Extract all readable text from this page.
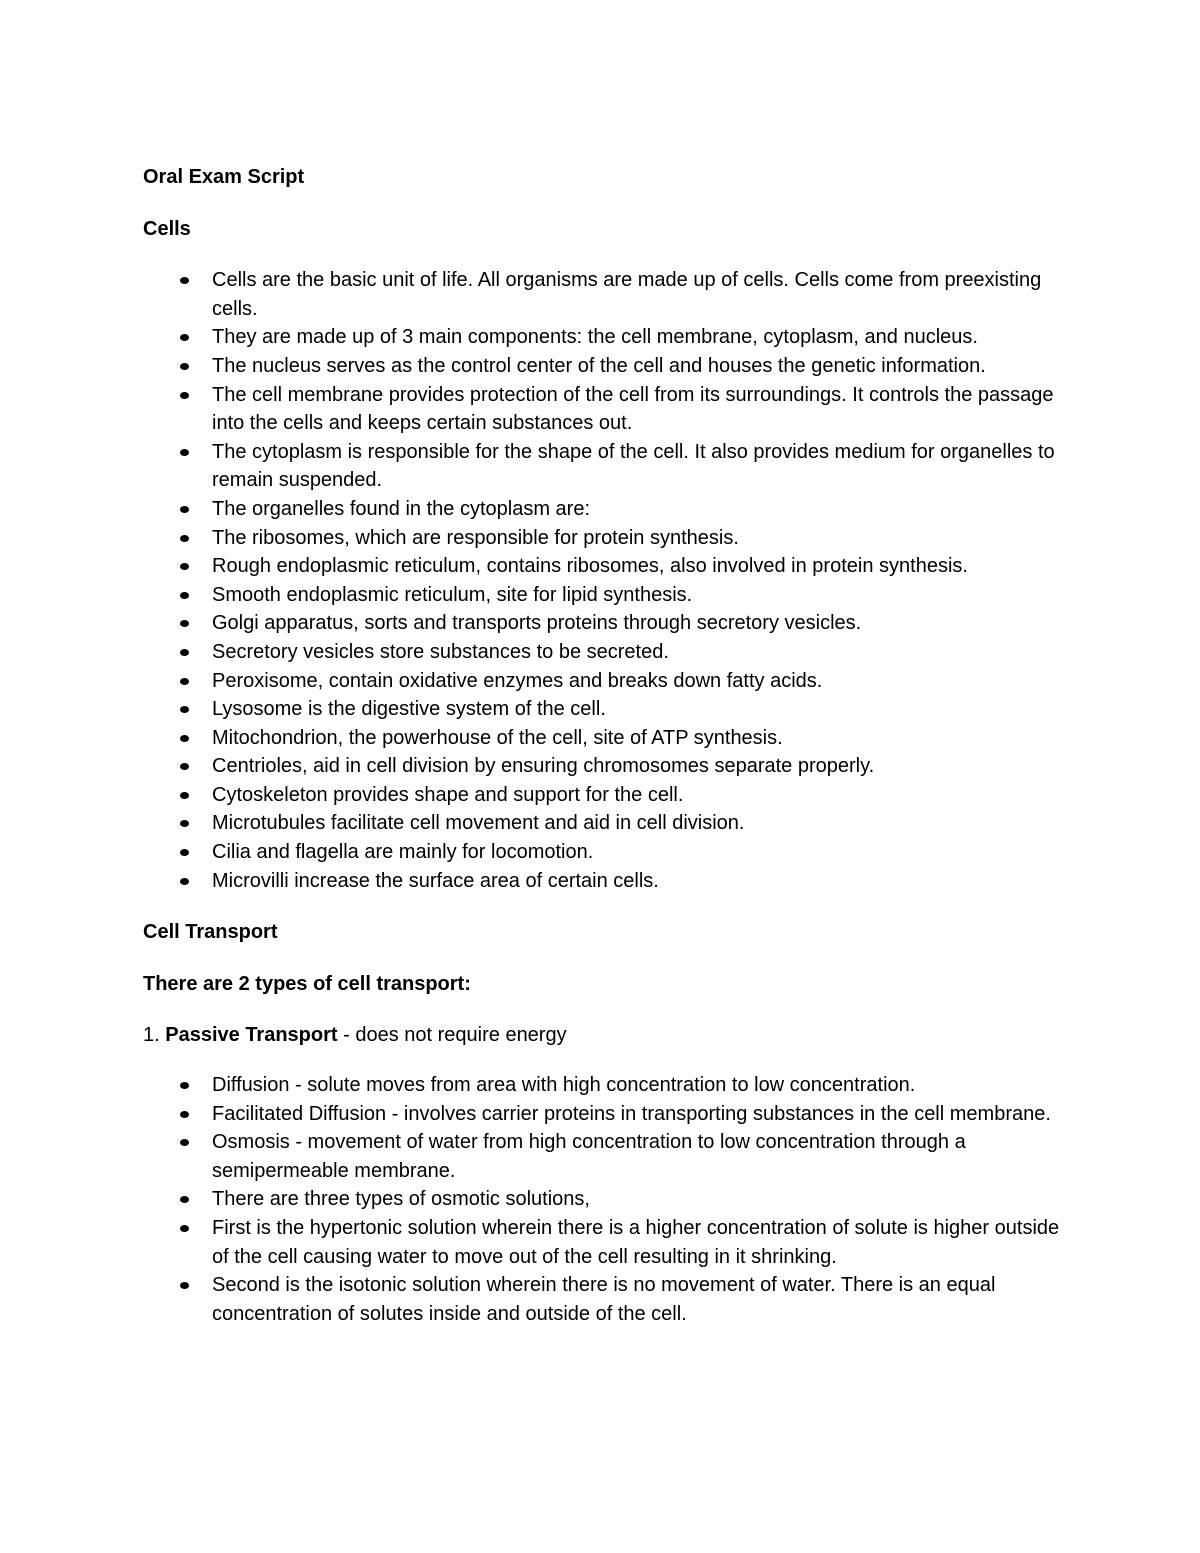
Oral Exam Script

Cells

Cells are the basic unit of life. All organisms are made up of cells. Cells come from preexisting cells.
They are made up of 3 main components: the cell membrane, cytoplasm, and nucleus.
The nucleus serves as the control center of the cell and houses the genetic information.
The cell membrane provides protection of the cell from its surroundings. It controls the passage into the cells and keeps certain substances out.
The cytoplasm is responsible for the shape of the cell. It also provides medium for organelles to remain suspended.
The organelles found in the cytoplasm are:
The ribosomes, which are responsible for protein synthesis.
Rough endoplasmic reticulum, contains ribosomes, also involved in protein synthesis.
Smooth endoplasmic reticulum, site for lipid synthesis.
Golgi apparatus, sorts and transports proteins through secretory vesicles.
Secretory vesicles store substances to be secreted.
Peroxisome, contain oxidative enzymes and breaks down fatty acids.
Lysosome is the digestive system of the cell.
Mitochondrion, the powerhouse of the cell, site of ATP synthesis.
Centrioles, aid in cell division by ensuring chromosomes separate properly.
Cytoskeleton provides shape and support for the cell.
Microtubules facilitate cell movement and aid in cell division.
Cilia and flagella are mainly for locomotion.
Microvilli increase the surface area of certain cells.

Cell Transport

There are 2 types of cell transport:

1. Passive Transport - does not require energy

Diffusion - solute moves from area with high concentration to low concentration.
Facilitated Diffusion - involves carrier proteins in transporting substances in the cell membrane.
Osmosis - movement of water from high concentration to low concentration through a semipermeable membrane.
There are three types of osmotic solutions,
First is the hypertonic solution wherein there is a higher concentration of solute is higher outside of the cell causing water to move out of the cell resulting in it shrinking.
Second is the isotonic solution wherein there is no movement of water. There is an equal concentration of solutes inside and outside of the cell.
